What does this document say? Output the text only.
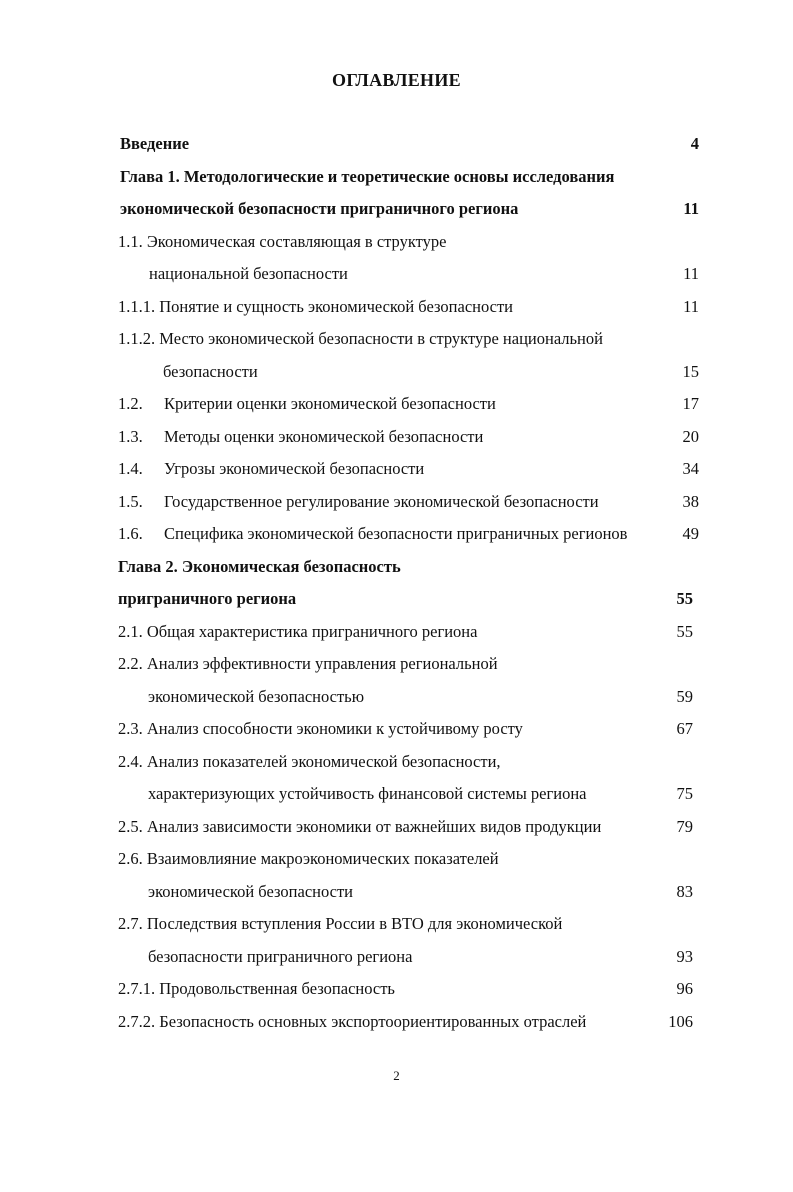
ОГЛАВЛЕНИЕ
Введение	4
Глава 1. Методологические и теоретические основы исследования
экономической безопасности приграничного региона	11
1.1. Экономическая составляющая в структуре
национальной безопасности	11
1.1.1. Понятие и сущность экономической безопасности	11
1.1.2. Место экономической безопасности в структуре национальной
безопасности	15
1.2. Критерии оценки экономической безопасности	17
1.3. Методы оценки экономической безопасности	20
1.4. Угрозы экономической безопасности	34
1.5. Государственное регулирование экономической безопасности	38
1.6. Специфика экономической безопасности приграничных регионов	49
Глава 2. Экономическая безопасность
приграничного региона	55
2.1. Общая характеристика приграничного региона	55
2.2. Анализ эффективности управления региональной
экономической безопасностью	59
2.3. Анализ способности экономики к устойчивому росту	67
2.4. Анализ показателей экономической безопасности,
характеризующих устойчивость финансовой системы региона	75
2.5. Анализ зависимости экономики от важнейших видов продукции	79
2.6. Взаимовлияние макроэкономических показателей
экономической безопасности	83
2.7. Последствия вступления России в ВТО для экономической
безопасности приграничного региона	93
2.7.1. Продовольственная безопасность	96
2.7.2. Безопасность основных экспортоориентированных отраслей	106
2
